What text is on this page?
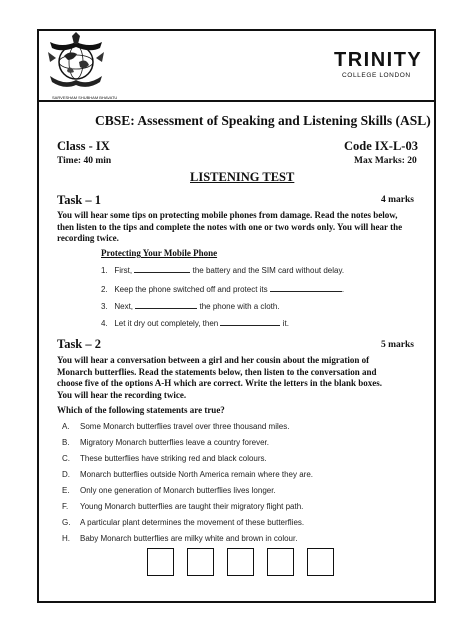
SARVESHAM SHUBHAM BHAVATU
TRINITY
COLLEGE LONDON
CBSE: Assessment of Speaking and Listening Skills (ASL)
Class - IX	Code IX-L-03
Time: 40 min	Max Marks: 20
LISTENING TEST
Task – 1	4 marks
You will hear some tips on protecting mobile phones from damage. Read the notes below,
then listen to the tips and complete the notes with one or two words only. You will hear the
recording twice.
Protecting Your Mobile Phone
1. First,	the battery and the SIM card without delay.
2. Keep the phone switched off and protect its	.
3. Next,	the phone with a cloth.
4. Let it dry out completely, then	it.
Task – 2	5 marks
You will hear a conversation between a girl and her cousin about the migration of
Monarch butterflies. Read the statements below, then listen to the conversation and
choose five of the options A-H which are correct. Write the letters in the blank boxes.
You will hear the recording twice.
Which of the following statements are true?
A. Some Monarch butterflies travel over three thousand miles.
B. Migratory Monarch butterflies leave a country forever.
C. These butterflies have striking red and black colours.
D. Monarch butterflies outside North America remain where they are.
E. Only one generation of Monarch butterflies lives longer.
F. Young Monarch butterflies are taught their migratory flight path.
G. A particular plant determines the movement of these butterflies.
H. Baby Monarch butterflies are milky white and brown in colour.
